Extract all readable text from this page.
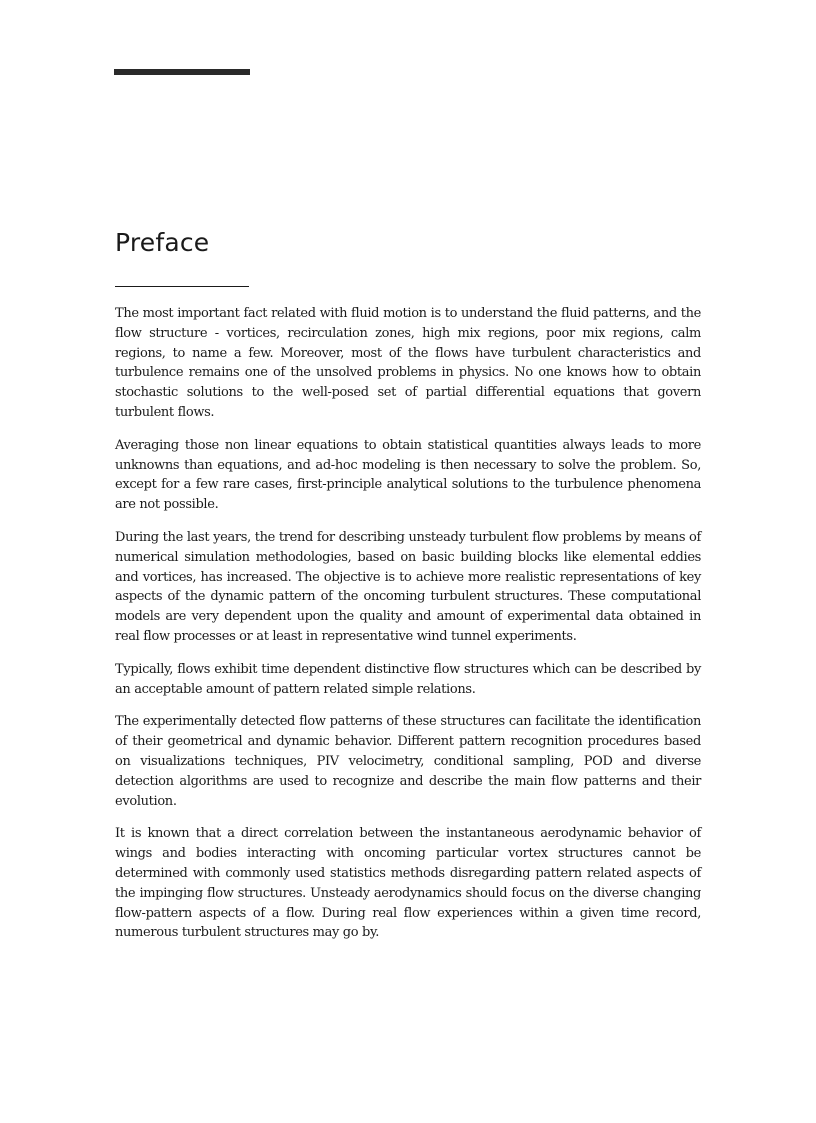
Preface

The most important fact related with fluid motion is to understand the fluid patterns, and the flow structure - vortices, recirculation zones, high mix regions, poor mix regions, calm regions, to name a few. Moreover, most of the flows have turbulent characteristics and turbulence remains one of the unsolved problems in physics. No one knows how to obtain stochastic solutions to the well-posed set of partial differential equations that govern turbulent flows.

Averaging those non linear equations to obtain statistical quantities always leads to more unknowns than equations, and ad-hoc modeling is then necessary to solve the problem. So, except for a few rare cases, first-principle analytical solutions to the turbulence phenomena are not possible.

During the last years, the trend for describing unsteady turbulent flow problems by means of numerical simulation methodologies, based on basic building blocks like elemental eddies and vortices, has increased. The objective is to achieve more realistic representations of key aspects of the dynamic pattern of the oncoming turbulent structures. These computational models are very dependent upon the quality and amount of experimental data obtained in real flow processes or at least in representative wind tunnel experiments.

Typically, flows exhibit time dependent distinctive flow structures which can be described by an acceptable amount of pattern related simple relations.

The experimentally detected flow patterns of these structures can facilitate the identification of their geometrical and dynamic behavior. Different pattern recognition procedures based on visualizations techniques, PIV velocimetry, conditional sampling, POD and diverse detection algorithms are used to recognize and describe the main flow patterns and their evolution.

It is known that a direct correlation between the instantaneous aerodynamic behavior of wings and bodies interacting with oncoming particular vortex structures cannot be determined with commonly used statistics methods disregarding pattern related aspects of the impinging flow structures. Unsteady aerodynamics should focus on the diverse changing flow-pattern aspects of a flow. During real flow experiences within a given time record, numerous turbulent structures may go by.
